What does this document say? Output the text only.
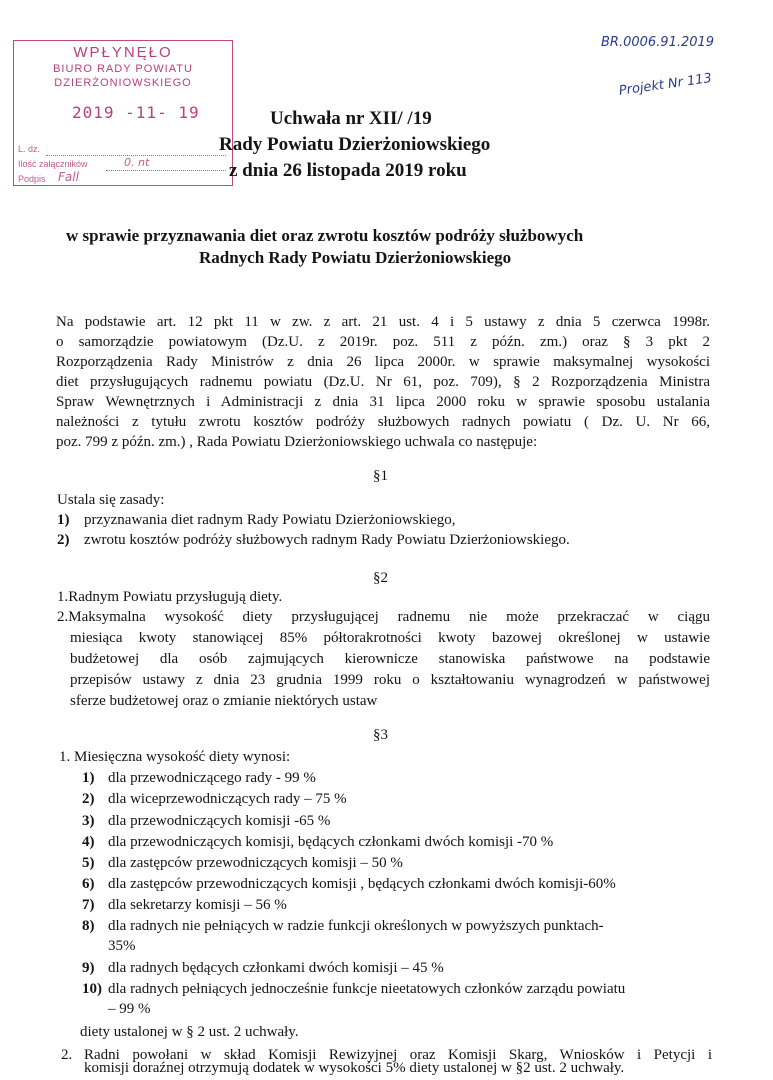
WPŁYNĘŁO
BIURO RADY POWIATU
DZIERŻONIOWSKIEGO
2019 -11- 19
L. dz.
Ilość załączników	0. nt
Podpis Fall
BR.0006.91.2019
Projekt Nr 113
Uchwała nr XII/ /19
Rady Powiatu Dzierżoniowskiego
z dnia 26 listopada 2019 roku
w sprawie przyznawania diet oraz zwrotu kosztów podróży służbowych
Radnych Rady Powiatu Dzierżoniowskiego
Na podstawie art. 12 pkt 11 w zw. z art. 21 ust. 4 i 5 ustawy z dnia 5 czerwca 1998r.
o samorządzie powiatowym (Dz.U. z 2019r. poz. 511 z późn. zm.) oraz § 3 pkt 2
Rozporządzenia Rady Ministrów z dnia 26 lipca 2000r. w sprawie maksymalnej wysokości
diet przysługujących radnemu powiatu (Dz.U. Nr 61, poz. 709), § 2 Rozporządzenia Ministra
Spraw Wewnętrznych i Administracji z dnia 31 lipca 2000 roku w sprawie sposobu ustalania
należności z tytułu zwrotu kosztów podróży służbowych radnych powiatu ( Dz. U. Nr 66,
poz. 799 z późn. zm.) , Rada Powiatu Dzierżoniowskiego uchwala co następuje:
§1
Ustala się zasady:
1) przyznawania diet radnym Rady Powiatu Dzierżoniowskiego,
2) zwrotu kosztów podróży służbowych radnym Rady Powiatu Dzierżoniowskiego.
§2
1.Radnym Powiatu przysługują diety.
2.Maksymalna wysokość diety przysługującej radnemu nie może przekraczać w ciągu
miesiąca kwoty stanowiącej 85% półtorakrotności kwoty bazowej określonej w ustawie
budżetowej dla osób zajmujących kierownicze stanowiska państwowe na podstawie
przepisów ustawy z dnia 23 grudnia 1999 roku o kształtowaniu wynagrodzeń w państwowej
sferze budżetowej oraz o zmianie niektórych ustaw
§3
1. Miesięczna wysokość diety wynosi:
1) dla przewodniczącego rady - 99 %
2) dla wiceprzewodniczących rady – 75 %
3) dla przewodniczących komisji -65 %
4) dla przewodniczących komisji, będących członkami dwóch komisji -70 %
5) dla zastępców przewodniczących komisji – 50 %
6) dla zastępców przewodniczących komisji , będących członkami dwóch komisji-60%
7) dla sekretarzy komisji – 56 %
8) dla radnych nie pełniących w radzie funkcji określonych w powyższych punktach-
35%
9) dla radnych będących członkami dwóch komisji – 45 %
10) dla radnych pełniących jednocześnie funkcje nieetatowych członków zarządu powiatu
– 99 %
diety ustalonej w § 2 ust. 2 uchwały.
2. Radni powołani w skład Komisji Rewizyjnej oraz Komisji Skarg, Wniosków i Petycji i
komisji doraźnej otrzymują dodatek w wysokości 5% diety ustalonej w §2 ust. 2 uchwały.
